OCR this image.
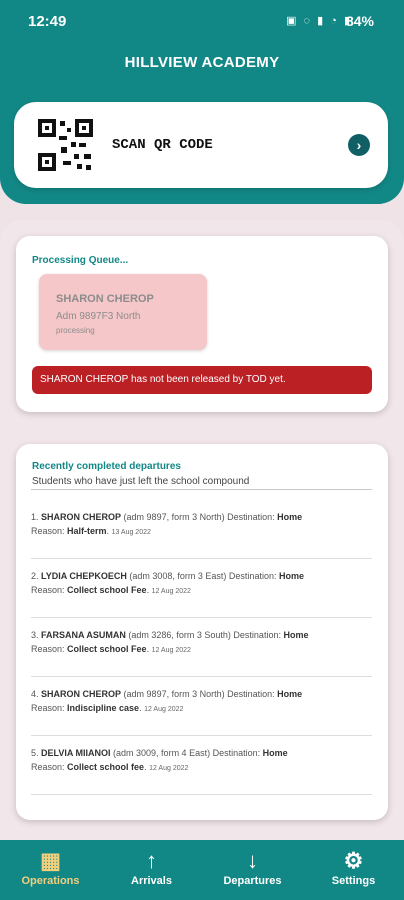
12:49	▣ ◌ ▮ ◔ ▮
84%
HILLVIEW ACADEMY
SCAN QR CODE	›
Processing Queue...
SHARON CHEROP
Adm 9897F3 North
processing
SHARON CHEROP has not been released by TOD yet.
Recently completed departures
Students who have just left the school compound
1. SHARON CHEROP (adm 9897, form 3 North) Destination: Home
Reason: Half-term. 13 Aug 2022
2. LYDIA CHEPKOECH (adm 3008, form 3 East) Destination: Home
Reason: Collect school Fee. 12 Aug 2022
3. FARSANA ASUMAN (adm 3286, form 3 South) Destination: Home
Reason: Collect school Fee. 12 Aug 2022
4. SHARON CHEROP (adm 9897, form 3 North) Destination: Home
Reason: Indiscipline case. 12 Aug 2022
5. DELVIA MIIANOI (adm 3009, form 4 East) Destination: Home
Reason: Collect school fee. 12 Aug 2022
▦
Operations
↑
Arrivals
↓
Departures
⚙
Settings
